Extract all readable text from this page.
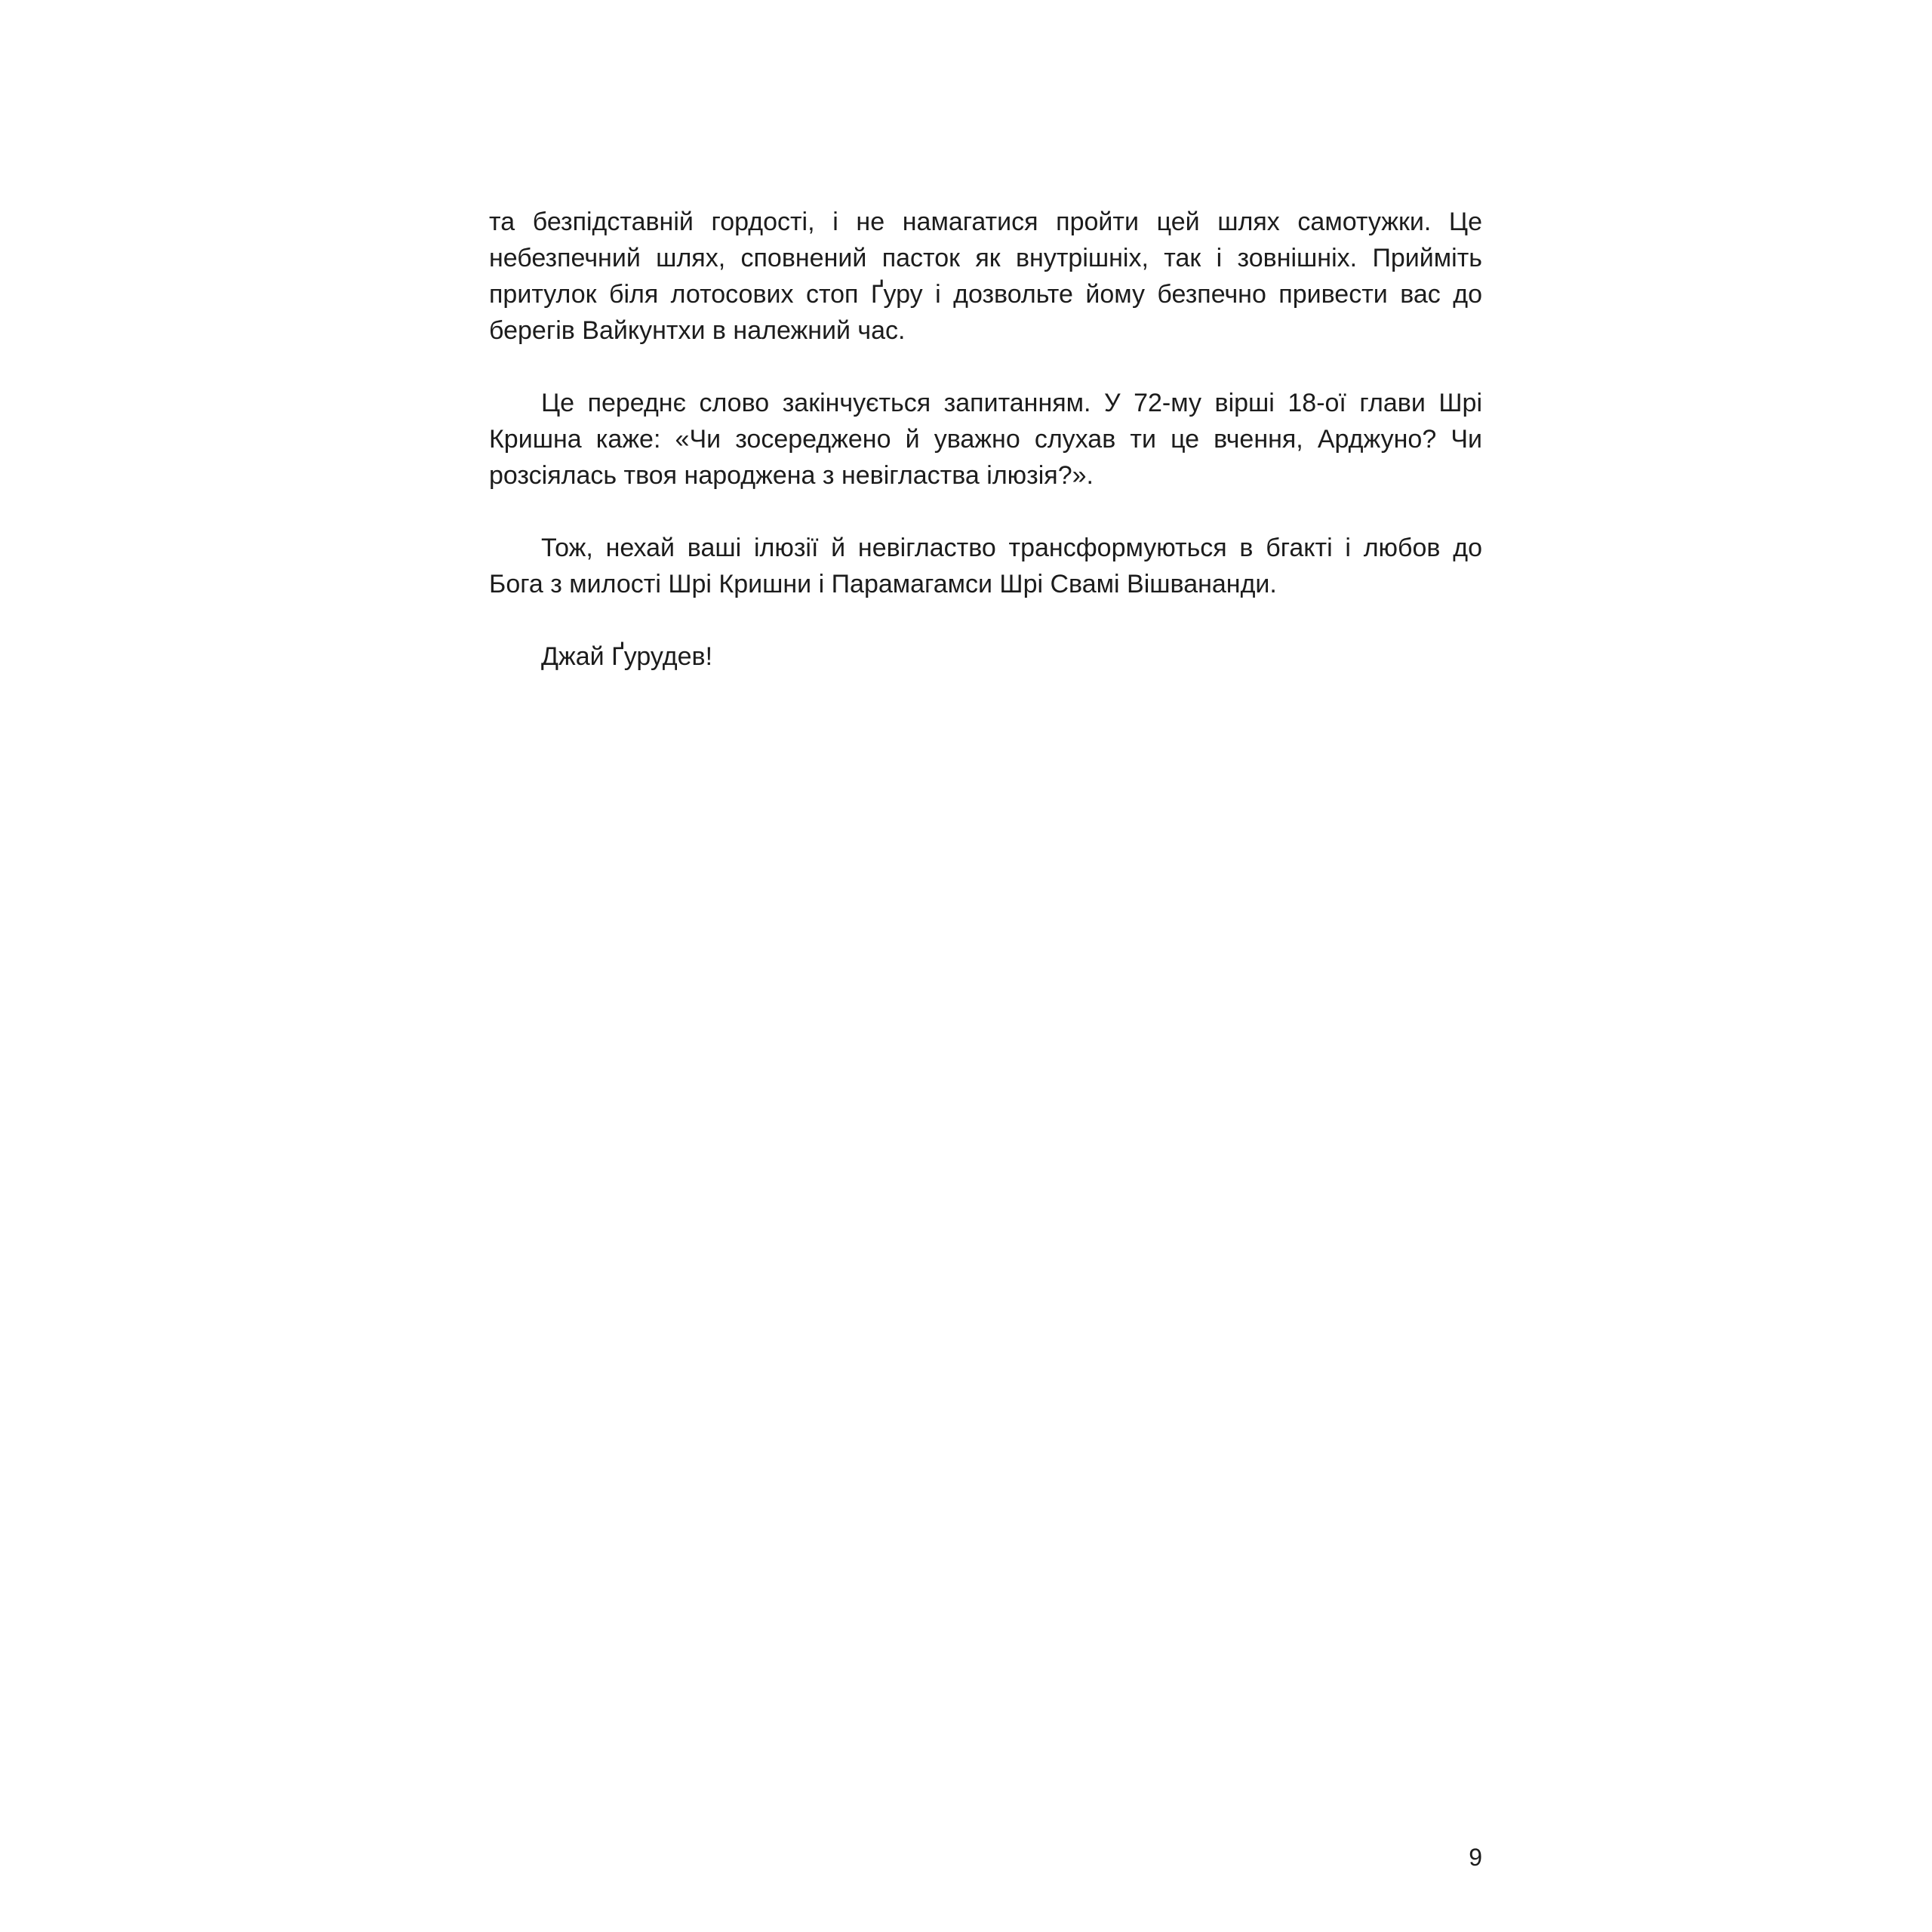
та безпідставній гордості, і не намагатися пройти цей шлях самотужки. Це небезпечний шлях, сповнений пасток як внутрішніх, так і зовнішніх. Прийміть притулок біля лотосових стоп Ґуру і дозвольте йому безпечно привести вас до берегів Вайкунтхи в належний час.

Це переднє слово закінчується запитанням. У 72-му вірші 18-ої глави Шрі Кришна каже: «Чи зосереджено й уважно слухав ти це вчення, Арджуно? Чи розсіялась твоя народжена з невігластва ілюзія?».

Тож, нехай ваші ілюзії й невігластво трансформуються в бгакті і любов до Бога з милості Шрі Кришни і Парамагамси Шрі Свамі Вішвананди.

Джай Ґурудев!

9
